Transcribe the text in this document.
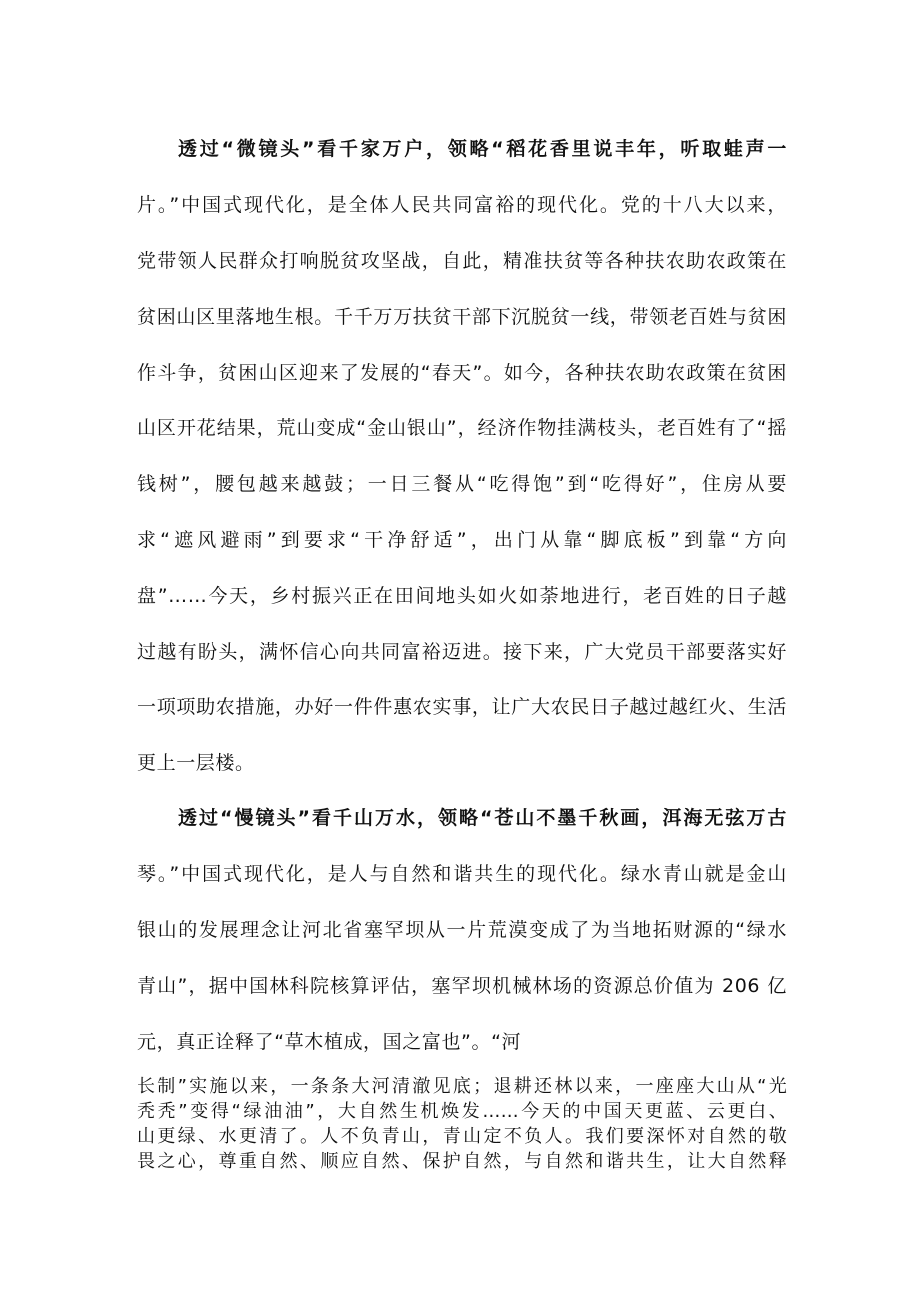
透过“微镜头”看千家万户，领略“稻花香里说丰年，听取蛙声一
片。”中国式现代化，是全体人民共同富裕的现代化。党的十八大以来，
党带领人民群众打响脱贫攻坚战，自此，精准扶贫等各种扶农助农政策在
贫困山区里落地生根。千千万万扶贫干部下沉脱贫一线，带领老百姓与贫困
作斗争，贫困山区迎来了发展的“春天”。如今，各种扶农助农政策在贫困
山区开花结果，荒山变成“金山银山”，经济作物挂满枝头，老百姓有了“摇
钱树”，腰包越来越鼓；一日三餐从“吃得饱”到“吃得好”，住房从要
求“遮风避雨”到要求“干净舒适”，出门从靠“脚底板”到靠“方向
盘”……今天，乡村振兴正在田间地头如火如荼地进行，老百姓的日子越
过越有盼头，满怀信心向共同富裕迈进。接下来，广大党员干部要落实好
一项项助农措施，办好一件件惠农实事，让广大农民日子越过越红火、生活
更上一层楼。
透过“慢镜头”看千山万水，领略“苍山不墨千秋画，洱海无弦万古
琴。”中国式现代化，是人与自然和谐共生的现代化。绿水青山就是金山
银山的发展理念让河北省塞罕坝从一片荒漠变成了为当地拓财源的“绿水
青山”，据中国林科院核算评估，塞罕坝机械林场的资源总价值为 206 亿
元，真正诠释了“草木植成，国之富也”。“河
长制”实施以来，一条条大河清澈见底；退耕还林以来，一座座大山从“光
秃秃”变得“绿油油”，大自然生机焕发……今天的中国天更蓝、云更白、
山更绿、水更清了。人不负青山，青山定不负人。我们要深怀对自然的敬
畏之心，尊重自然、顺应自然、保护自然，与自然和谐共生，让大自然释
